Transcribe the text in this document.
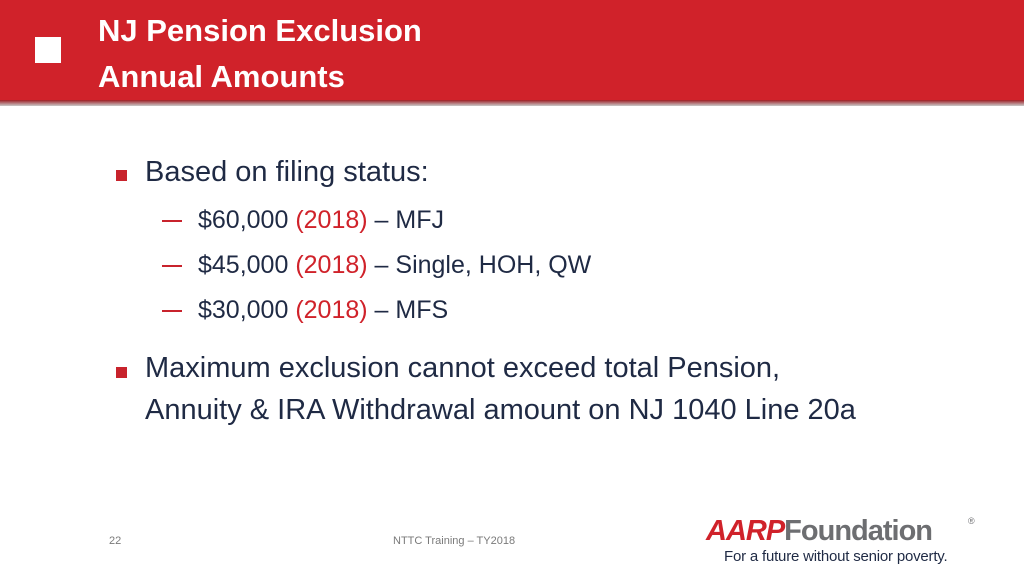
NJ Pension Exclusion
Annual Amounts
Based on filing status:
$60,000 (2018) – MFJ
$45,000 (2018) – Single, HOH, QW
$30,000 (2018) – MFS
Maximum exclusion cannot exceed total Pension,
Annuity & IRA Withdrawal amount on NJ 1040 Line 20a
22	NTTC Training – TY2018	AARPFoundation	®
For a future without senior poverty.
